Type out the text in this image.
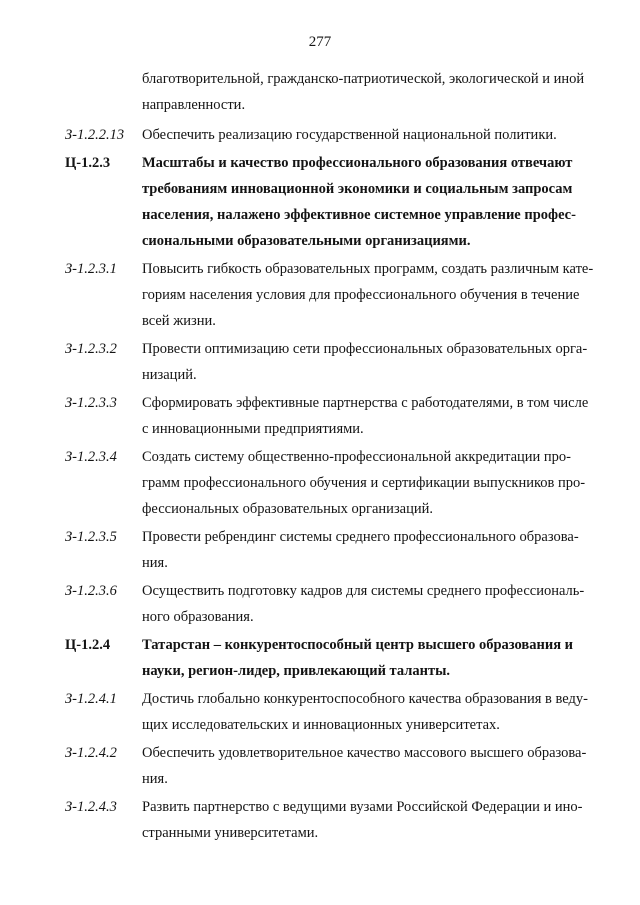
277

благотворительной, гражданско-патриотической, экологической и иной
направленности.
З-1.2.2.13	Обеспечить реализацию государственной национальной политики.
Ц-1.2.3	Масштабы и качество профессионального образования отвечают
требованиям инновационной экономики и социальным запросам
населения, налажено эффективное системное управление профес-
сиональными образовательными организациями.
З-1.2.3.1	Повысить гибкость образовательных программ, создать различным кате-
гориям населения условия для профессионального обучения в течение
всей жизни.
З-1.2.3.2	Провести оптимизацию сети профессиональных образовательных орга-
низаций.
З-1.2.3.3	Сформировать эффективные партнерства с работодателями, в том числе
с инновационными предприятиями.
З-1.2.3.4	Создать систему общественно-профессиональной аккредитации про-
грамм профессионального обучения и сертификации выпускников про-
фессиональных образовательных организаций.
З-1.2.3.5	Провести ребрендинг системы среднего профессионального образова-
ния.
З-1.2.3.6	Осуществить подготовку кадров для системы среднего профессиональ-
ного образования.
Ц-1.2.4	Татарстан – конкурентоспособный центр высшего образования и
науки, регион-лидер, привлекающий таланты.
З-1.2.4.1	Достичь глобально конкурентоспособного качества образования в веду-
щих исследовательских и инновационных университетах.
З-1.2.4.2	Обеспечить удовлетворительное качество массового высшего образова-
ния.
З-1.2.4.3	Развить партнерство с ведущими вузами Российской Федерации и ино-
странными университетами.
